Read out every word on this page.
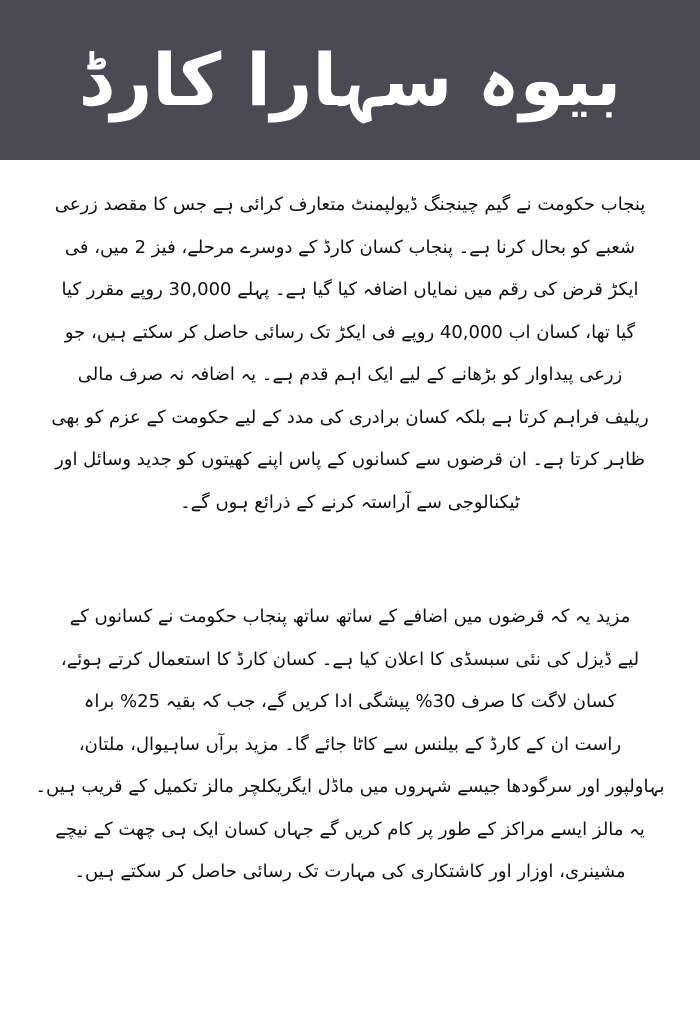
بیوہ سہارا کارڈ
پنجاب حکومت نے گیم چینجنگ ڈیولپمنٹ متعارف کرائی ہے جس کا مقصد زرعی
شعبے کو بحال کرنا ہے۔ پنجاب کسان کارڈ کے دوسرے مرحلے، فیز 2 میں، فی
ایکڑ قرض کی رقم میں نمایاں اضافہ کیا گیا ہے۔ پہلے 30,000 روپے مقرر کیا
گیا تھا، کسان اب 40,000 روپے فی ایکڑ تک رسائی حاصل کر سکتے ہیں، جو
زرعی پیداوار کو بڑھانے کے لیے ایک اہم قدم ہے۔ یہ اضافہ نہ صرف مالی
ریلیف فراہم کرتا ہے بلکہ کسان برادری کی مدد کے لیے حکومت کے عزم کو بھی
ظاہر کرتا ہے۔ ان قرضوں سے کسانوں کے پاس اپنے کھیتوں کو جدید وسائل اور
ٹیکنالوجی سے آراستہ کرنے کے ذرائع ہوں گے۔
مزید یہ کہ قرضوں میں اضافے کے ساتھ ساتھ پنجاب حکومت نے کسانوں کے
لیے ڈیزل کی نئی سبسڈی کا اعلان کیا ہے۔ کسان کارڈ کا استعمال کرتے ہوئے،
کسان لاگت کا صرف 30% پیشگی ادا کریں گے، جب کہ بقیہ 25% براہ
راست ان کے کارڈ کے بیلنس سے کاٹا جائے گا۔ مزید برآں ساہیوال، ملتان،
بہاولپور اور سرگودھا جیسے شہروں میں ماڈل ایگریکلچر مالز تکمیل کے قریب ہیں۔
یہ مالز ایسے مراکز کے طور پر کام کریں گے جہاں کسان ایک ہی چھت کے نیچے
مشینری، اوزار اور کاشتکاری کی مہارت تک رسائی حاصل کر سکتے ہیں۔
